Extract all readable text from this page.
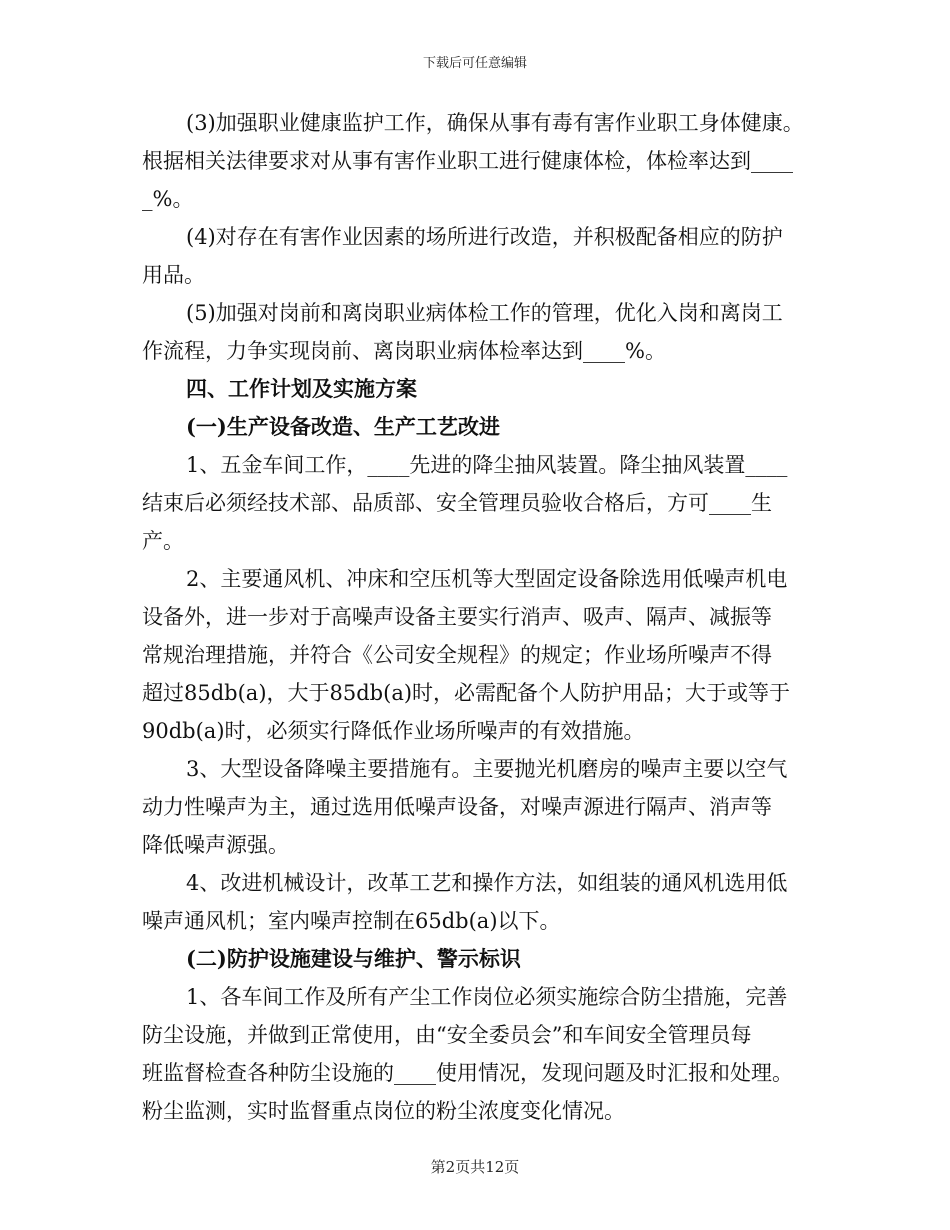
下载后可任意编辑
(3)加强职业健康监护工作，确保从事有毒有害作业职工身体健康。
根据相关法律要求对从事有害作业职工进行健康体检，体检率达到____
_%。
(4)对存在有害作业因素的场所进行改造，并积极配备相应的防护
用品。
(5)加强对岗前和离岗职业病体检工作的管理，优化入岗和离岗工
作流程，力争实现岗前、离岗职业病体检率达到____%。
四、工作计划及实施方案
(一)生产设备改造、生产工艺改进
1、五金车间工作，____先进的降尘抽风装置。降尘抽风装置____
结束后必须经技术部、品质部、安全管理员验收合格后，方可____生
产。
2、主要通风机、冲床和空压机等大型固定设备除选用低噪声机电
设备外，进一步对于高噪声设备主要实行消声、吸声、隔声、减振等
常规治理措施，并符合《公司安全规程》的规定；作业场所噪声不得
超过85db(a)，大于85db(a)时，必需配备个人防护用品；大于或等于
90db(a)时，必须实行降低作业场所噪声的有效措施。
3、大型设备降噪主要措施有。主要抛光机磨房的噪声主要以空气
动力性噪声为主，通过选用低噪声设备，对噪声源进行隔声、消声等
降低噪声源强。
4、改进机械设计，改革工艺和操作方法，如组装的通风机选用低
噪声通风机；室内噪声控制在65db(a)以下。
(二)防护设施建设与维护、警示标识
1、各车间工作及所有产尘工作岗位必须实施综合防尘措施，完善
防尘设施，并做到正常使用，由“安全委员会”和车间安全管理员每
班监督检查各种防尘设施的____使用情况，发现问题及时汇报和处理。
粉尘监测，实时监督重点岗位的粉尘浓度变化情况。
第2页共12页
